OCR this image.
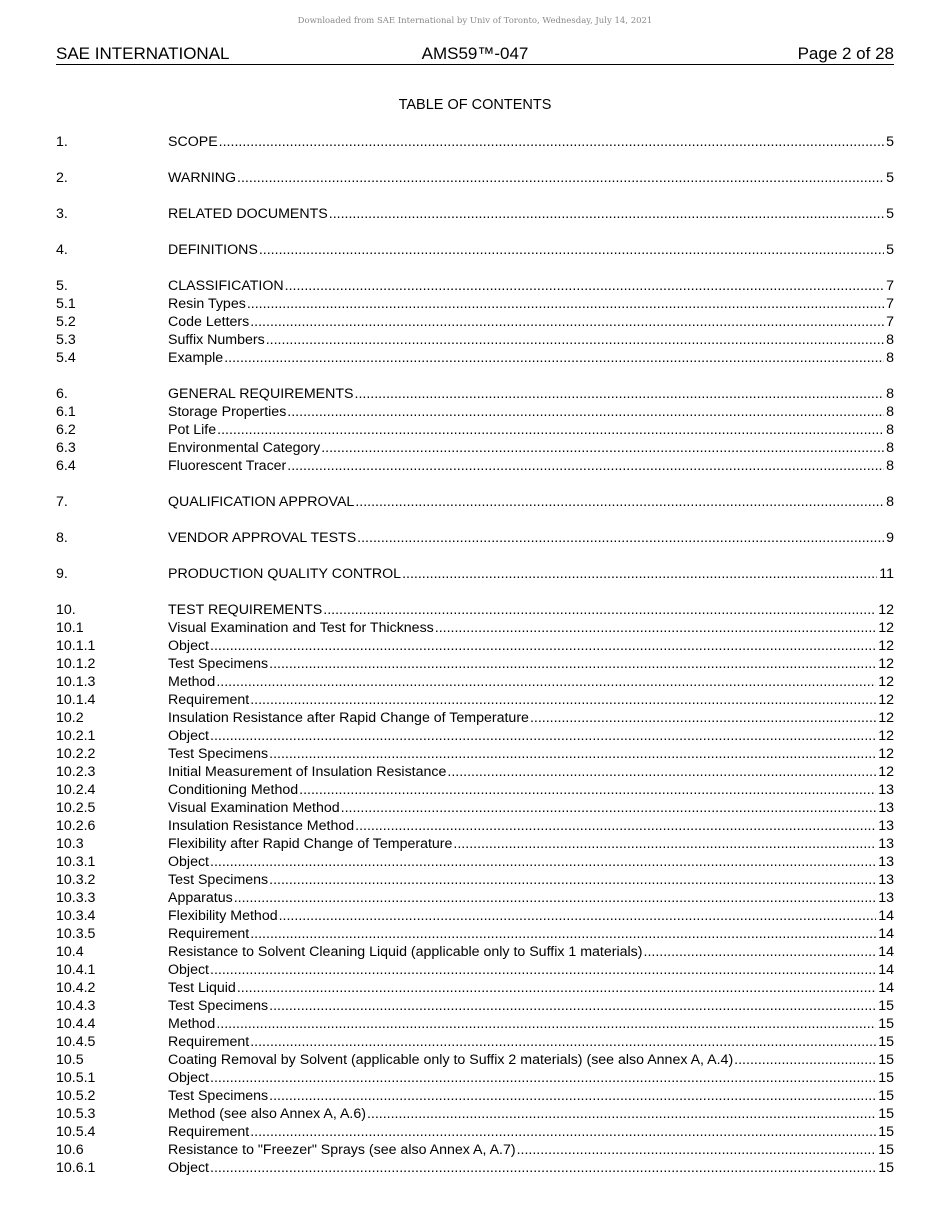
Downloaded from SAE International by Univ of Toronto, Wednesday, July 14, 2021
SAE INTERNATIONAL	AMS59™-047	Page 2 of 28
TABLE OF CONTENTS
1.	SCOPE .....	5
2.	WARNING .....	5
3.	RELATED DOCUMENTS .....	5
4.	DEFINITIONS .....	5
5.	CLASSIFICATION .....	7
5.1	Resin Types .....	7
5.2	Code Letters .....	7
5.3	Suffix Numbers .....	8
5.4	Example .....	8
6.	GENERAL REQUIREMENTS .....	8
6.1	Storage Properties .....	8
6.2	Pot Life .....	8
6.3	Environmental Category .....	8
6.4	Fluorescent Tracer .....	8
7.	QUALIFICATION APPROVAL .....	8
8.	VENDOR APPROVAL TESTS .....	9
9.	PRODUCTION QUALITY CONTROL .....	11
10.	TEST REQUIREMENTS .....	12
10.1	Visual Examination and Test for Thickness .....	12
10.1.1	Object .....	12
10.1.2	Test Specimens .....	12
10.1.3	Method .....	12
10.1.4	Requirement .....	12
10.2	Insulation Resistance after Rapid Change of Temperature .....	12
10.2.1	Object .....	12
10.2.2	Test Specimens .....	12
10.2.3	Initial Measurement of Insulation Resistance .....	12
10.2.4	Conditioning Method .....	13
10.2.5	Visual Examination Method .....	13
10.2.6	Insulation Resistance Method .....	13
10.3	Flexibility after Rapid Change of Temperature .....	13
10.3.1	Object .....	13
10.3.2	Test Specimens .....	13
10.3.3	Apparatus .....	13
10.3.4	Flexibility Method .....	14
10.3.5	Requirement .....	14
10.4	Resistance to Solvent Cleaning Liquid (applicable only to Suffix 1 materials) .....	14
10.4.1	Object .....	14
10.4.2	Test Liquid .....	14
10.4.3	Test Specimens .....	15
10.4.4	Method .....	15
10.4.5	Requirement .....	15
10.5	Coating Removal by Solvent (applicable only to Suffix 2 materials) (see also Annex A, A.4) .....	15
10.5.1	Object .....	15
10.5.2	Test Specimens .....	15
10.5.3	Method (see also Annex A, A.6) .....	15
10.5.4	Requirement .....	15
10.6	Resistance to "Freezer" Sprays (see also Annex A, A.7) .....	15
10.6.1	Object .....	15
